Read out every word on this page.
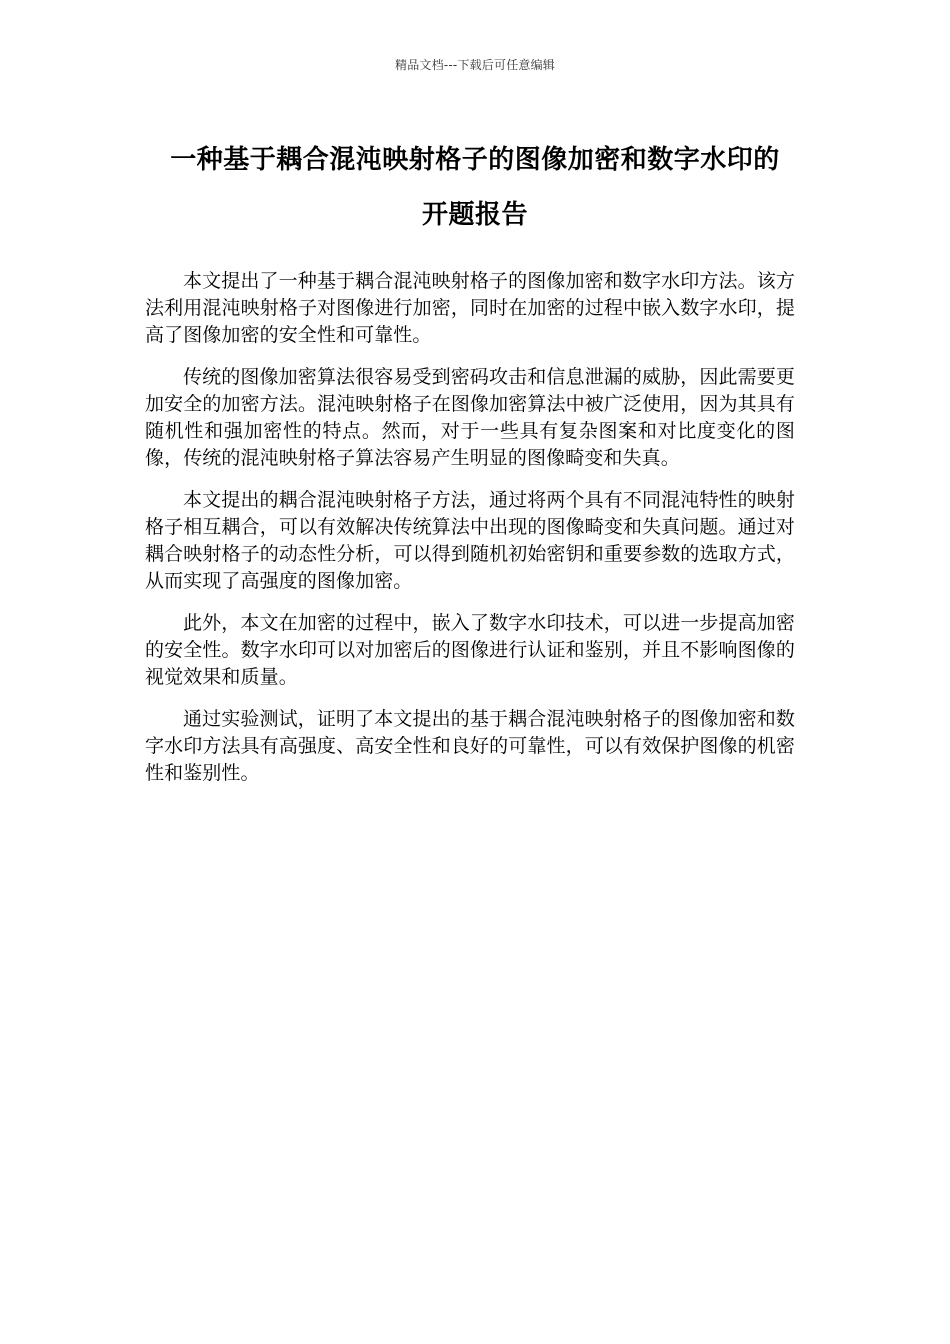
精品文档---下载后可任意编辑
一种基于耦合混沌映射格子的图像加密和数字水印的
开题报告

本文提出了一种基于耦合混沌映射格子的图像加密和数字水印方法。该方法利用混沌映射格子对图像进行加密，同时在加密的过程中嵌入数字水印，提高了图像加密的安全性和可靠性。

传统的图像加密算法很容易受到密码攻击和信息泄漏的威胁，因此需要更加安全的加密方法。混沌映射格子在图像加密算法中被广泛使用，因为其具有随机性和强加密性的特点。然而，对于一些具有复杂图案和对比度变化的图像，传统的混沌映射格子算法容易产生明显的图像畸变和失真。

本文提出的耦合混沌映射格子方法，通过将两个具有不同混沌特性的映射格子相互耦合，可以有效解决传统算法中出现的图像畸变和失真问题。通过对耦合映射格子的动态性分析，可以得到随机初始密钥和重要参数的选取方式，从而实现了高强度的图像加密。

此外，本文在加密的过程中，嵌入了数字水印技术，可以进一步提高加密的安全性。数字水印可以对加密后的图像进行认证和鉴别，并且不影响图像的视觉效果和质量。

通过实验测试，证明了本文提出的基于耦合混沌映射格子的图像加密和数字水印方法具有高强度、高安全性和良好的可靠性，可以有效保护图像的机密性和鉴别性。
